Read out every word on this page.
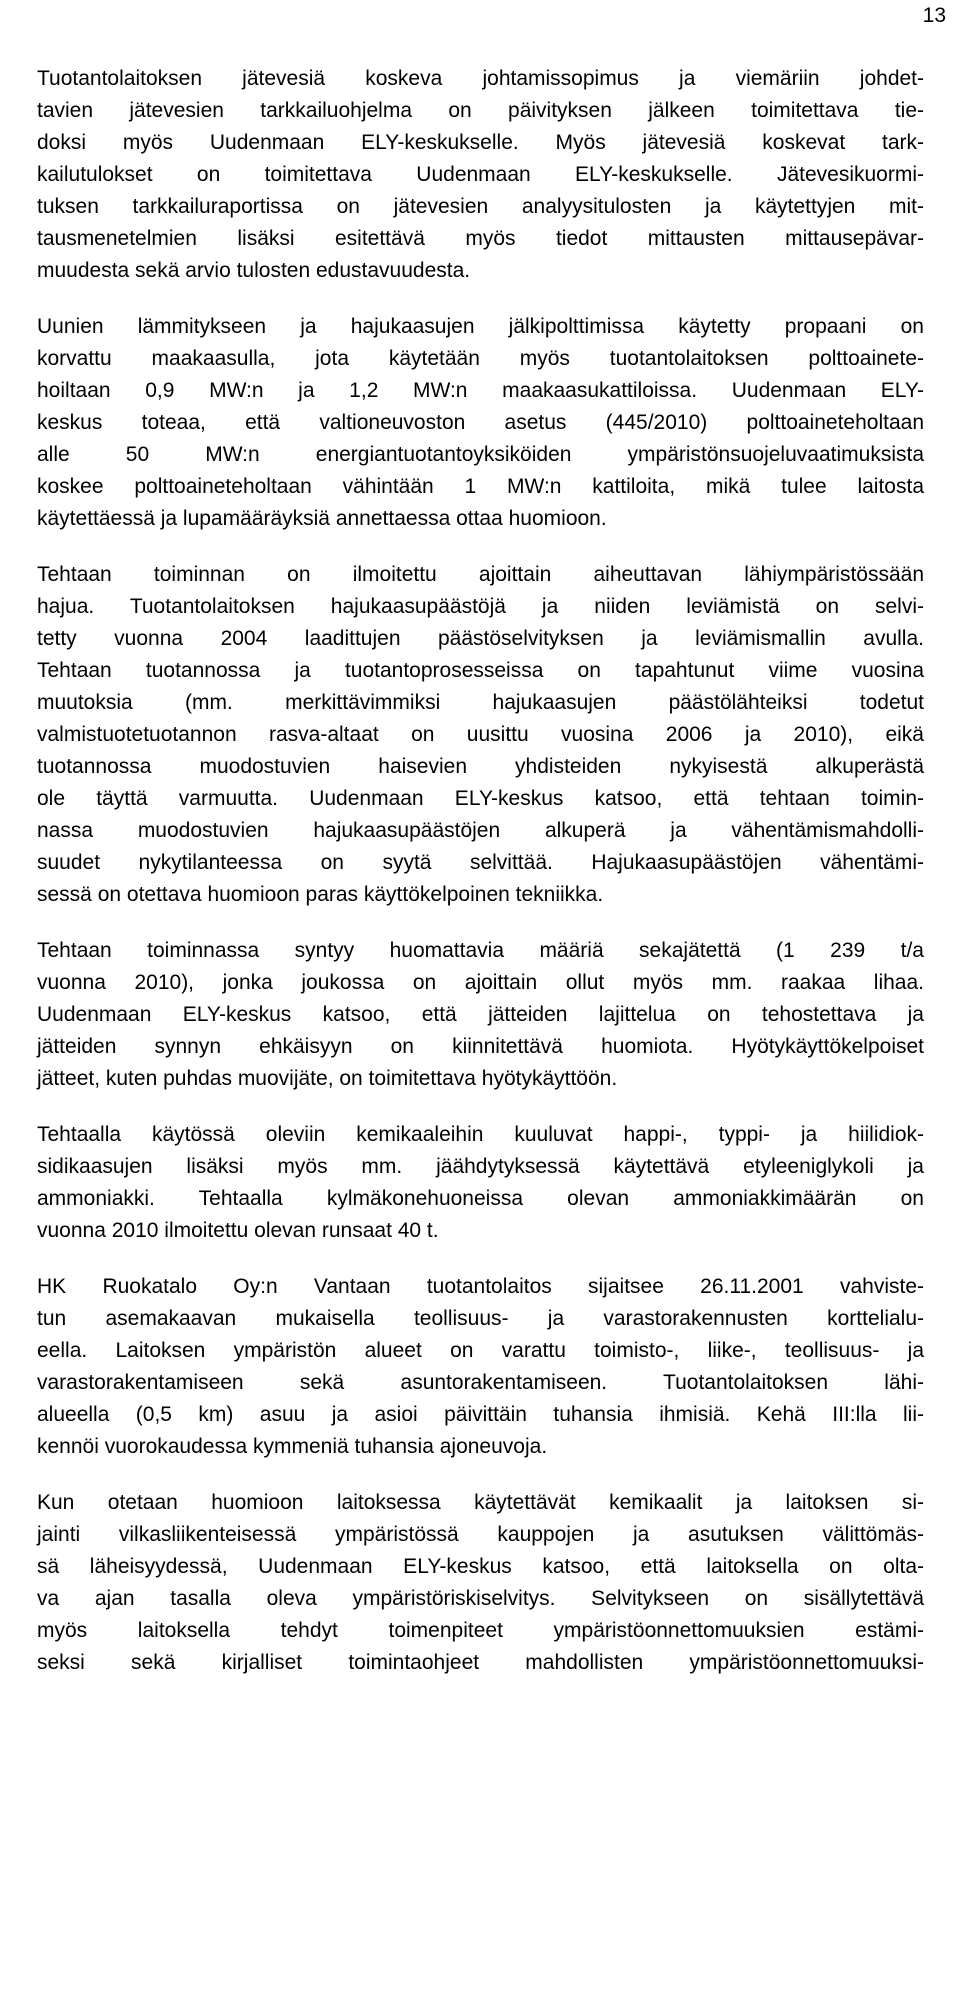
13
Tuotantolaitoksen jätevesiä koskeva johtamissopimus ja viemäriin johdet-
tavien jätevesien tarkkailuohjelma on päivityksen jälkeen toimitettava tie-
doksi myös Uudenmaan ELY-keskukselle. Myös jätevesiä koskevat tark-
kailutulokset on toimitettava Uudenmaan ELY-keskukselle. Jätevesikuormi-
tuksen tarkkailuraportissa on jätevesien analyysitulosten ja käytettyjen mit-
tausmenetelmien lisäksi esitettävä myös tiedot mittausten mittausepävar-
muudesta sekä arvio tulosten edustavuudesta.
Uunien lämmitykseen ja hajukaasujen jälkipolttimissa käytetty propaani on
korvattu maakaasulla, jota käytetään myös tuotantolaitoksen polttoainete-
hoiltaan 0,9 MW:n ja 1,2 MW:n maakaasukattiloissa. Uudenmaan ELY-
keskus toteaa, että valtioneuvoston asetus (445/2010) polttoaineteholtaan
alle 50 MW:n energiantuotantoyksiköiden ympäristönsuojeluvaatimuksista
koskee polttoaineteholtaan vähintään 1 MW:n kattiloita, mikä tulee laitosta
käytettäessä ja lupamääräyksiä annettaessa ottaa huomioon.
Tehtaan toiminnan on ilmoitettu ajoittain aiheuttavan lähiympäristössään
hajua. Tuotantolaitoksen hajukaasupäästöjä ja niiden leviämistä on selvi-
tetty vuonna 2004 laadittujen päästöselvityksen ja leviämismallin avulla.
Tehtaan tuotannossa ja tuotantoprosesseissa on tapahtunut viime vuosina
muutoksia (mm. merkittävimmiksi hajukaasujen päästölähteiksi todetut
valmistuotetuotannon rasva-altaat on uusittu vuosina 2006 ja 2010), eikä
tuotannossa muodostuvien haisevien yhdisteiden nykyisestä alkuperästä
ole täyttä varmuutta. Uudenmaan ELY-keskus katsoo, että tehtaan toimin-
nassa muodostuvien hajukaasupäästöjen alkuperä ja vähentämismahdolli-
suudet nykytilanteessa on syytä selvittää. Hajukaasupäästöjen vähentämi-
sessä on otettava huomioon paras käyttökelpoinen tekniikka.
Tehtaan toiminnassa syntyy huomattavia määriä sekajätettä (1 239 t/a
vuonna 2010), jonka joukossa on ajoittain ollut myös mm. raakaa lihaa.
Uudenmaan ELY-keskus katsoo, että jätteiden lajittelua on tehostettava ja
jätteiden synnyn ehkäisyyn on kiinnitettävä huomiota. Hyötykäyttökelpoiset
jätteet, kuten puhdas muovijäte, on toimitettava hyötykäyttöön.
Tehtaalla käytössä oleviin kemikaaleihin kuuluvat happi-, typpi- ja hiilidiok-
sidikaasujen lisäksi myös mm. jäähdytyksessä käytettävä etyleeniglykoli ja
ammoniakki. Tehtaalla kylmäkonehuoneissa olevan ammoniakkimäärän on
vuonna 2010 ilmoitettu olevan runsaat 40 t.
HK Ruokatalo Oy:n Vantaan tuotantolaitos sijaitsee 26.11.2001 vahviste-
tun asemakaavan mukaisella teollisuus- ja varastorakennusten korttelialu-
eella. Laitoksen ympäristön alueet on varattu toimisto-, liike-, teollisuus- ja
varastorakentamiseen sekä asuntorakentamiseen. Tuotantolaitoksen lähi-
alueella (0,5 km) asuu ja asioi päivittäin tuhansia ihmisiä. Kehä III:lla lii-
kennöi vuorokaudessa kymmeniä tuhansia ajoneuvoja.
Kun otetaan huomioon laitoksessa käytettävät kemikaalit ja laitoksen si-
jainti vilkasliikenteisessä ympäristössä kauppojen ja asutuksen välittömäs-
sä läheisyydessä, Uudenmaan ELY-keskus katsoo, että laitoksella on olta-
va ajan tasalla oleva ympäristöriskiselvitys. Selvitykseen on sisällytettävä
myös laitoksella tehdyt toimenpiteet ympäristöonnettomuuksien estämi-
seksi sekä kirjalliset toimintaohjeet mahdollisten ympäristöonnettomuuksi-
